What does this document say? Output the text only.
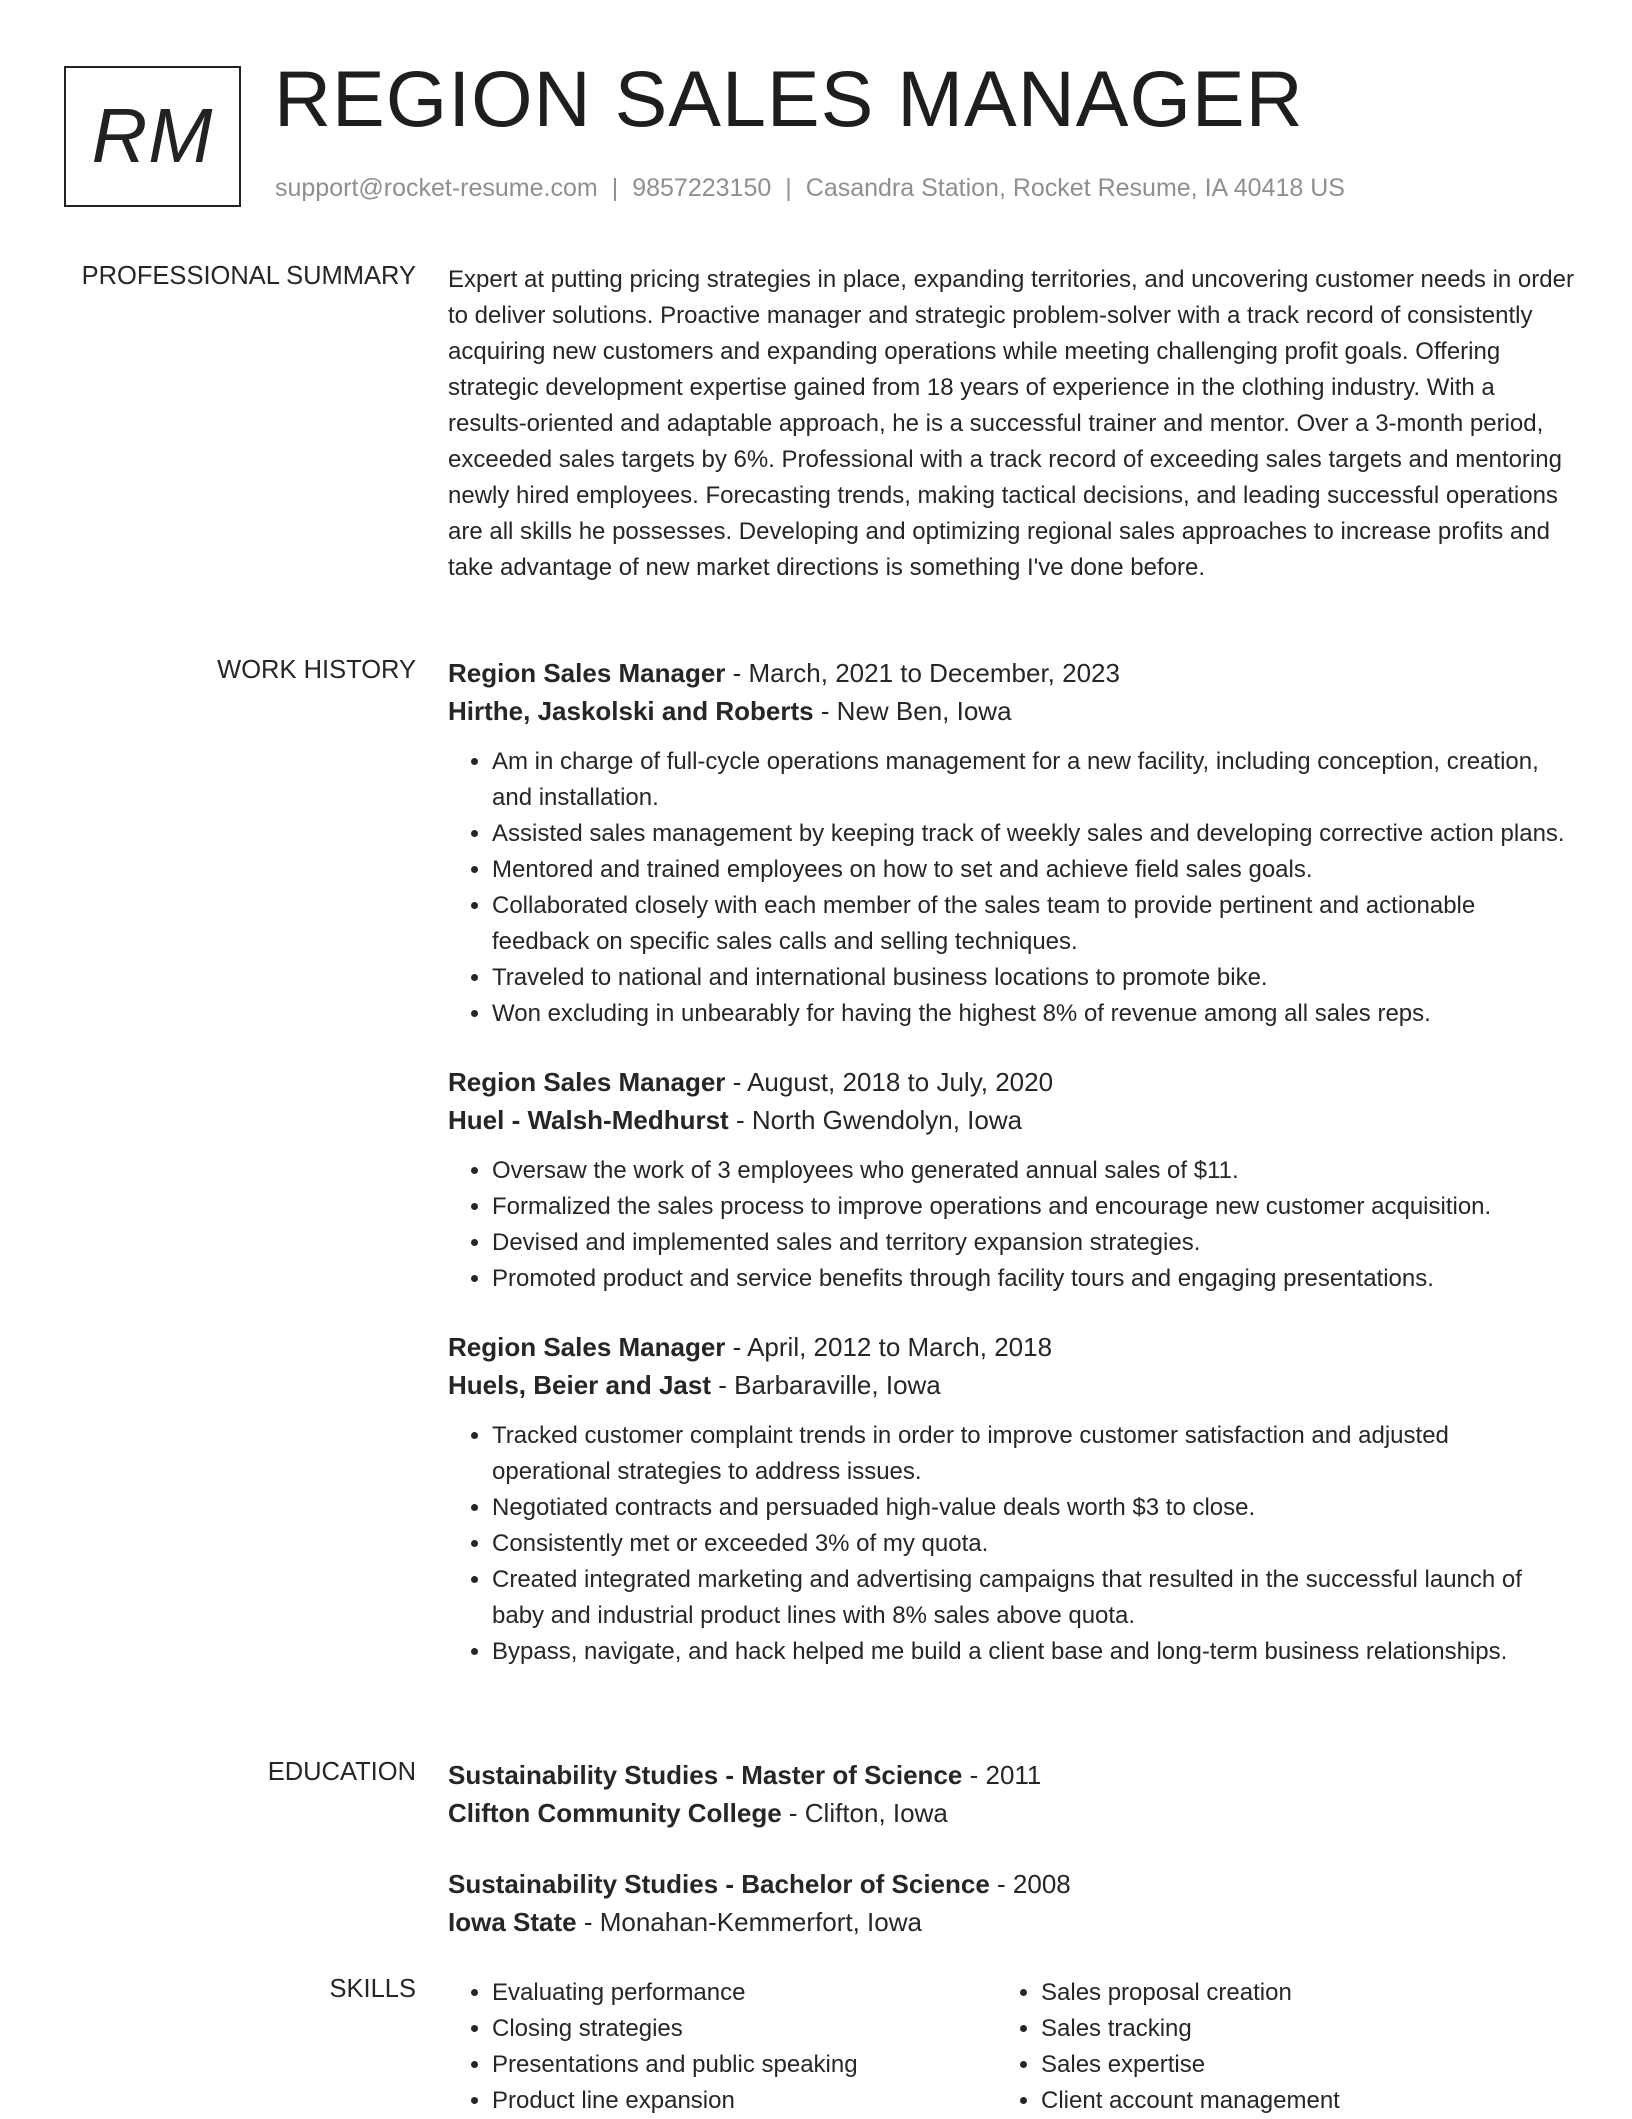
RM REGION SALES MANAGER
support@rocket-resume.com | 9857223150 | Casandra Station, Rocket Resume, IA 40418 US
PROFESSIONAL SUMMARY Expert at putting pricing strategies in place, expanding territories, and uncovering customer needs in order to deliver solutions. Proactive manager and strategic problem-solver with a track record of consistently acquiring new customers and expanding operations while meeting challenging profit goals. Offering strategic development expertise gained from 18 years of experience in the clothing industry. With a results-oriented and adaptable approach, he is a successful trainer and mentor. Over a 3-month period, exceeded sales targets by 6%. Professional with a track record of exceeding sales targets and mentoring newly hired employees. Forecasting trends, making tactical decisions, and leading successful operations are all skills he possesses. Developing and optimizing regional sales approaches to increase profits and take advantage of new market directions is something I've done before.

WORK HISTORY Region Sales Manager - March, 2021 to December, 2023
Hirthe, Jaskolski and Roberts - New Ben, Iowa
• Am in charge of full-cycle operations management for a new facility, including conception, creation, and installation.
• Assisted sales management by keeping track of weekly sales and developing corrective action plans.
• Mentored and trained employees on how to set and achieve field sales goals.
• Collaborated closely with each member of the sales team to provide pertinent and actionable feedback on specific sales calls and selling techniques.
• Traveled to national and international business locations to promote bike.
• Won excluding in unbearably for having the highest 8% of revenue among all sales reps.
Region Sales Manager - August, 2018 to July, 2020
Huel - Walsh-Medhurst - North Gwendolyn, Iowa
• Oversaw the work of 3 employees who generated annual sales of $11.
• Formalized the sales process to improve operations and encourage new customer acquisition.
• Devised and implemented sales and territory expansion strategies.
• Promoted product and service benefits through facility tours and engaging presentations.
Region Sales Manager - April, 2012 to March, 2018
Huels, Beier and Jast - Barbaraville, Iowa
• Tracked customer complaint trends in order to improve customer satisfaction and adjusted operational strategies to address issues.
• Negotiated contracts and persuaded high-value deals worth $3 to close.
• Consistently met or exceeded 3% of my quota.
• Created integrated marketing and advertising campaigns that resulted in the successful launch of baby and industrial product lines with 8% sales above quota.
• Bypass, navigate, and hack helped me build a client base and long-term business relationships.
EDUCATION Sustainability Studies - Master of Science - 2011
Clifton Community College - Clifton, Iowa
Sustainability Studies - Bachelor of Science - 2008
Iowa State - Monahan-Kemmerfort, Iowa
SKILLS
•	Evaluating performance
• Closing strategies
• Presentations and public speaking
• Product line expansion
• Sales proposal creation
• Sales tracking
• Sales expertise
• Client account management
